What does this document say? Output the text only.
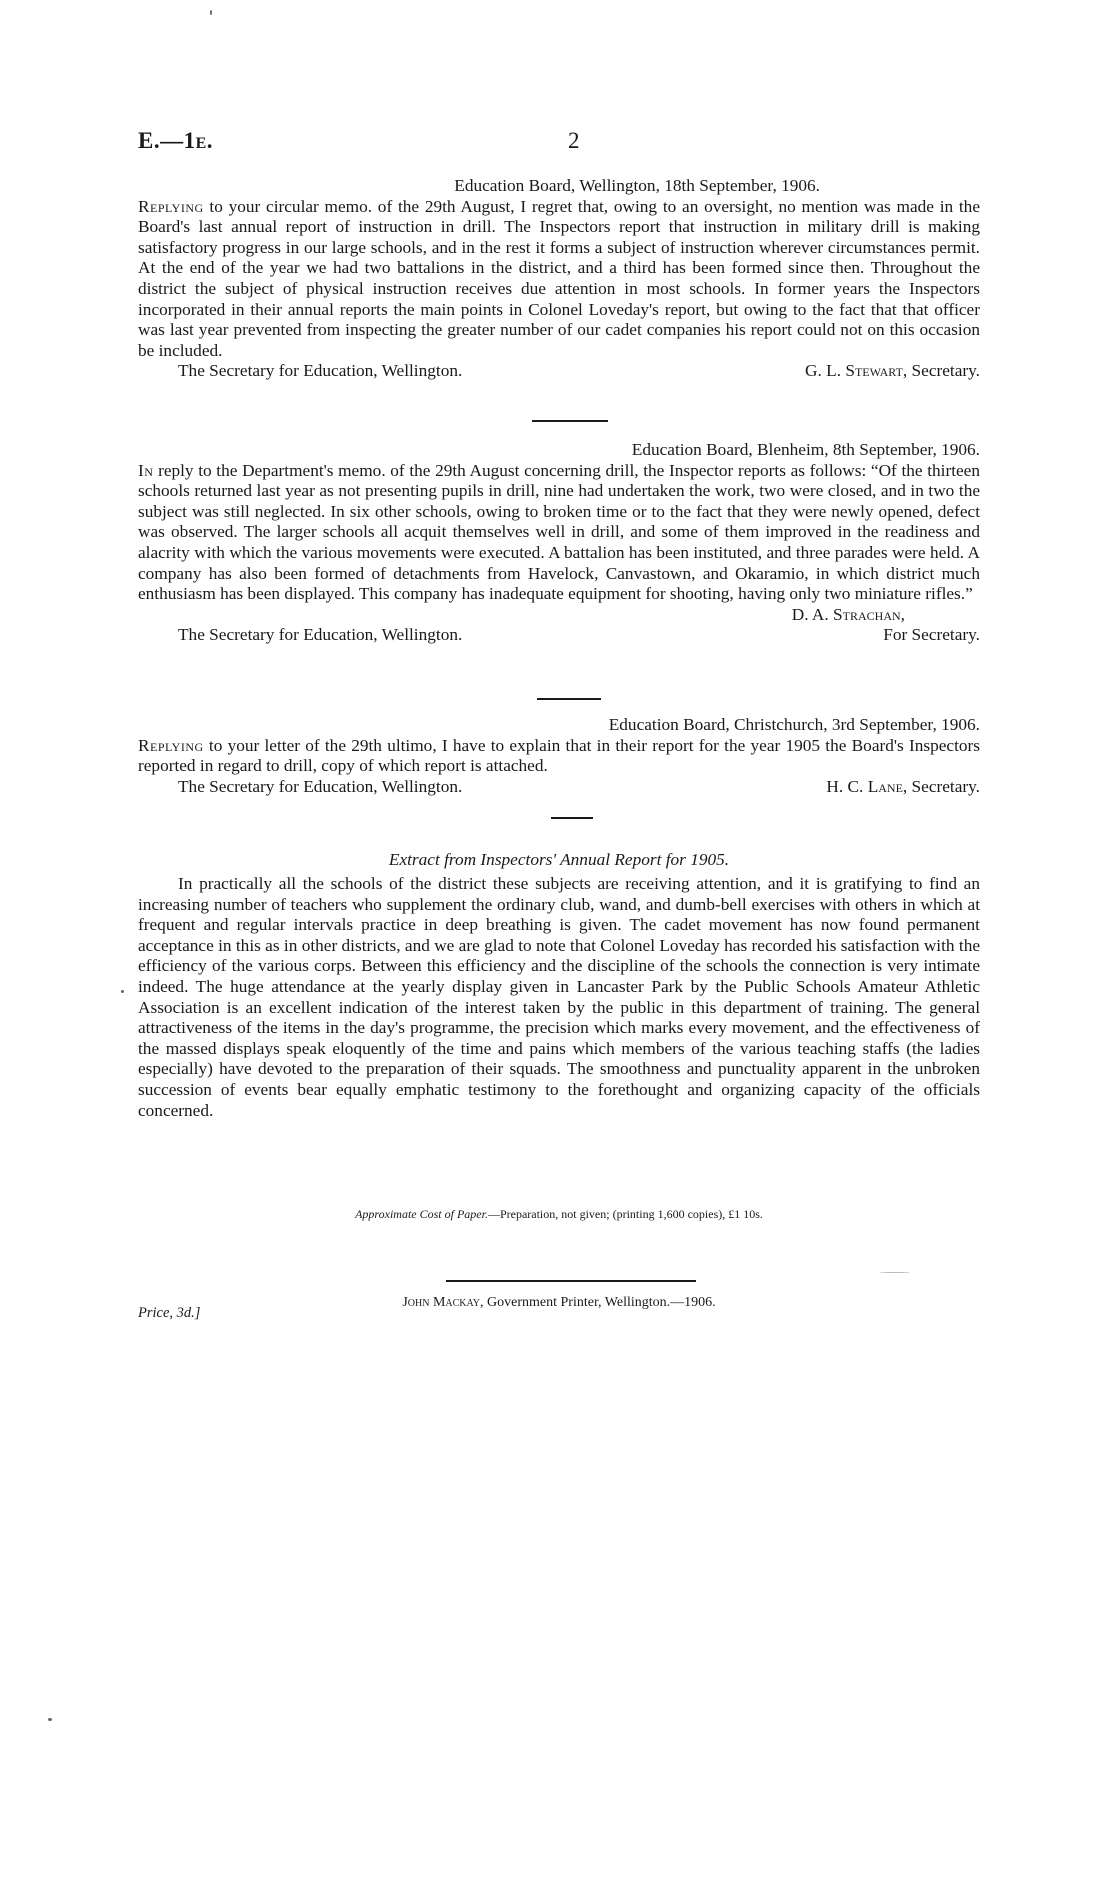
E.—1e.	2
Education Board, Wellington, 18th September, 1906.

Replying to your circular memo. of the 29th August, I regret that, owing to an oversight, no mention was made in the Board's last annual report of instruction in drill. The Inspectors report that instruction in military drill is making satisfactory progress in our large schools, and in the rest it forms a subject of instruction wherever circumstances permit. At the end of the year we had two battalions in the district, and a third has been formed since then. Throughout the district the subject of physical instruction receives due attention in most schools. In former years the Inspectors incorporated in their annual reports the main points in Colonel Loveday's report, but owing to the fact that that officer was last year prevented from inspecting the greater number of our cadet companies his report could not on this occasion be included.

The Secretary for Education, Wellington.	G. L. Stewart, Secretary.
Education Board, Blenheim, 8th September, 1906.

In reply to the Department's memo. of the 29th August concerning drill, the Inspector reports as follows: “Of the thirteen schools returned last year as not presenting pupils in drill, nine had undertaken the work, two were closed, and in two the subject was still neglected. In six other schools, owing to broken time or to the fact that they were newly opened, defect was observed. The larger schools all acquit themselves well in drill, and some of them improved in the readiness and alacrity with which the various movements were executed. A battalion has been instituted, and three parades were held. A company has also been formed of detachments from Havelock, Canvastown, and Okaramio, in which district much enthusiasm has been displayed. This company has inadequate equipment for shooting, having only two miniature rifles.”

D. A. Strachan,
The Secretary for Education, Wellington.	For Secretary.
Education Board, Christchurch, 3rd September, 1906.

Replying to your letter of the 29th ultimo, I have to explain that in their report for the year 1905 the Board's Inspectors reported in regard to drill, copy of which report is attached.

The Secretary for Education, Wellington.	H. C. Lane, Secretary.
Extract from Inspectors' Annual Report for 1905.

In practically all the schools of the district these subjects are receiving attention, and it is gratifying to find an increasing number of teachers who supplement the ordinary club, wand, and dumb-bell exercises with others in which at frequent and regular intervals practice in deep breathing is given. The cadet movement has now found permanent acceptance in this as in other districts, and we are glad to note that Colonel Loveday has recorded his satisfaction with the efficiency of the various corps. Between this efficiency and the discipline of the schools the connection is very intimate indeed. The huge attendance at the yearly display given in Lancaster Park by the Public Schools Amateur Athletic Association is an excellent indication of the interest taken by the public in this department of training. The general attractiveness of the items in the day's programme, the precision which marks every movement, and the effectiveness of the massed displays speak eloquently of the time and pains which members of the various teaching staffs (the ladies especially) have devoted to the preparation of their squads. The smoothness and punctuality apparent in the unbroken succession of events bear equally emphatic testimony to the forethought and organizing capacity of the officials concerned.

Approximate Cost of Paper.—Preparation, not given; (printing 1,600 copies), £1 10s.
John Mackay, Government Printer, Wellington.—1906.
Price, 3d.]
